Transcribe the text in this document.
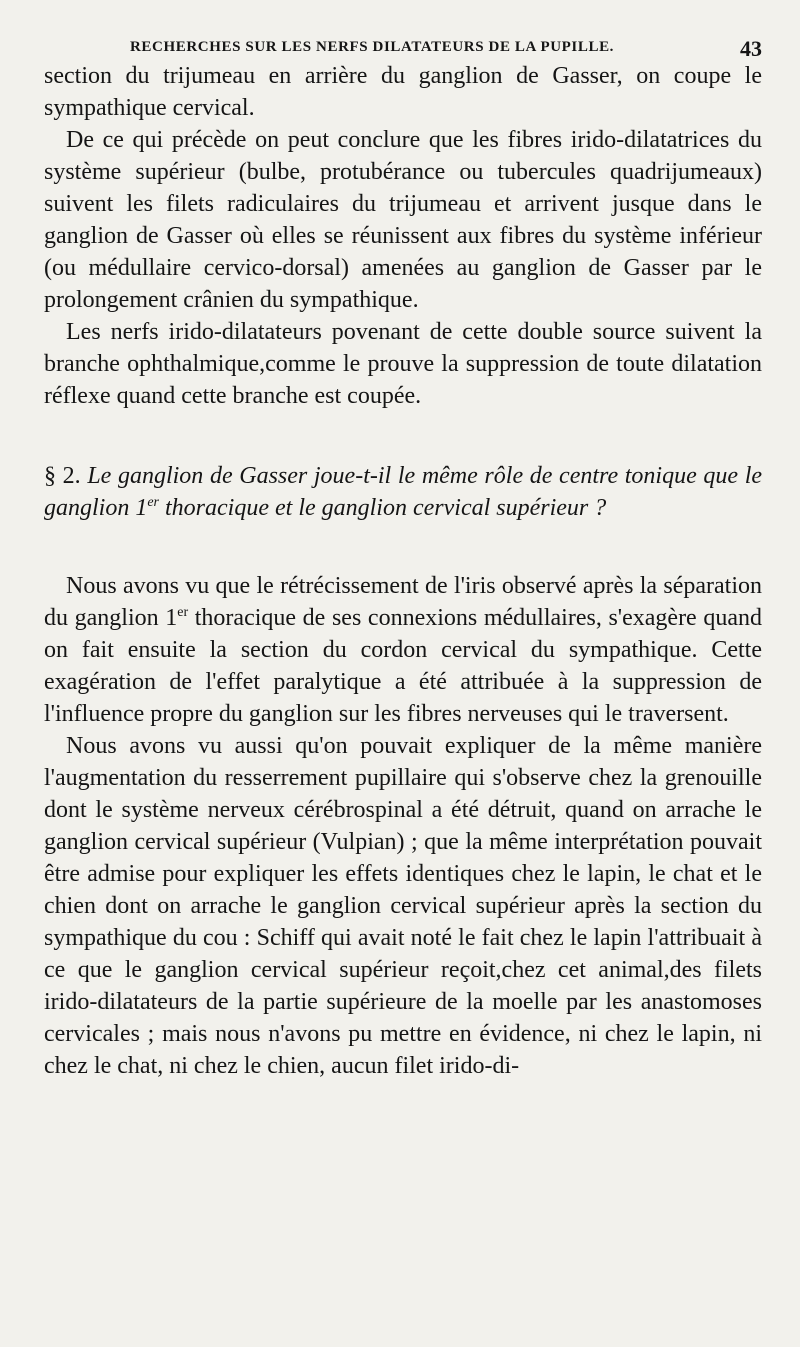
RECHERCHES SUR LES NERFS DILATATEURS DE LA PUPILLE.	43

section du trijumeau en arrière du ganglion de Gasser, on coupe le sympathique cervical.

De ce qui précède on peut conclure que les fibres irido-dilatatrices du système supérieur (bulbe, protubérance ou tubercules quadrijumeaux) suivent les filets radiculaires du trijumeau et arrivent jusque dans le ganglion de Gasser où elles se réunissent aux fibres du système inférieur (ou médullaire cervico-dorsal) amenées au ganglion de Gasser par le prolongement crânien du sympathique.

Les nerfs irido-dilatateurs povenant de cette double source suivent la branche ophthalmique,comme le prouve la suppression de toute dilatation réflexe quand cette branche est coupée.

§ 2. Le ganglion de Gasser joue-t-il le même rôle de centre tonique que le ganglion 1er thoracique et le ganglion cervical supérieur ?

Nous avons vu que le rétrécissement de l'iris observé après la séparation du ganglion 1er thoracique de ses connexions médullaires, s'exagère quand on fait ensuite la section du cordon cervical du sympathique. Cette exagération de l'effet paralytique a été attribuée à la suppression de l'influence propre du ganglion sur les fibres nerveuses qui le traversent.

Nous avons vu aussi qu'on pouvait expliquer de la même manière l'augmentation du resserrement pupillaire qui s'observe chez la grenouille dont le système nerveux cérébrospinal a été détruit, quand on arrache le ganglion cervical supérieur (Vulpian) ; que la même interprétation pouvait être admise pour expliquer les effets identiques chez le lapin, le chat et le chien dont on arrache le ganglion cervical supérieur après la section du sympathique du cou : Schiff qui avait noté le fait chez le lapin l'attribuait à ce que le ganglion cervical supérieur reçoit,chez cet animal,des filets irido-dilatateurs de la partie supérieure de la moelle par les anastomoses cervicales ; mais nous n'avons pu mettre en évidence, ni chez le lapin, ni chez le chat, ni chez le chien, aucun filet irido-di-
